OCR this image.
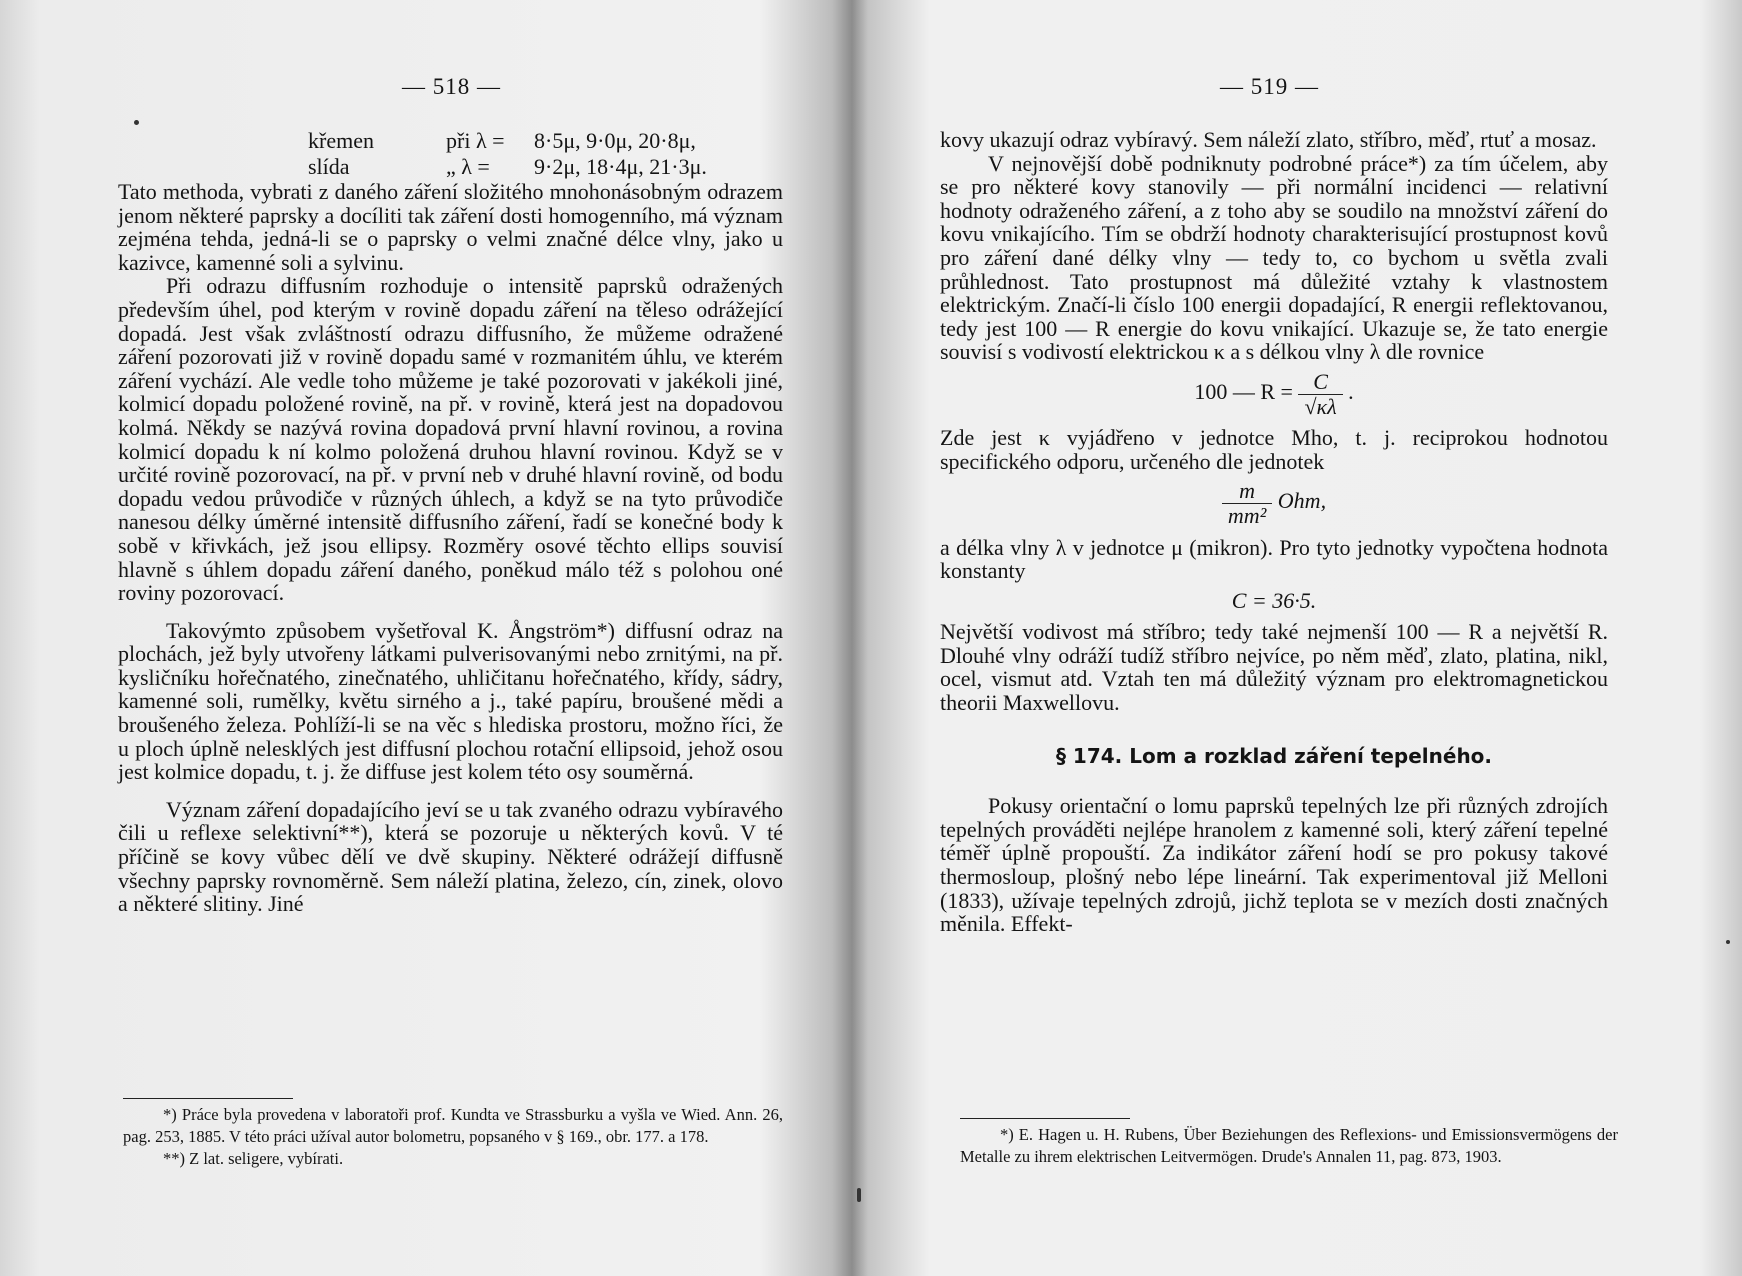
— 518 —
křemen	při λ = 8·5μ, 9·0μ, 20·8μ,
slída	„ λ = 9·2μ, 18·4μ, 21·3μ.

Tato methoda, vybrati z daného záření složitého mnohonásobným odrazem jenom některé paprsky a docíliti tak záření dosti homogenního, má význam zejména tehda, jedná-li se o paprsky o velmi značné délce vlny, jako u kazivce, kamenné soli a sylvinu.

Při odrazu diffusním rozhoduje o intensitě paprsků odražených především úhel, pod kterým v rovině dopadu záření na těleso odrážející dopadá. Jest však zvláštností odrazu diffusního, že můžeme odražené záření pozorovati již v rovině dopadu samé v rozmanitém úhlu, ve kterém záření vychází. Ale vedle toho můžeme je také pozorovati v jakékoli jiné, kolmicí dopadu položené rovině, na př. v rovině, která jest na dopadovou kolmá. Někdy se nazývá rovina dopadová první hlavní rovinou, a rovina kolmicí dopadu k ní kolmo položená druhou hlavní rovinou. Když se v určité rovině pozorovací, na př. v první neb v druhé hlavní rovině, od bodu dopadu vedou průvodiče v různých úhlech, a když se na tyto průvodiče nanesou délky úměrné intensitě diffusního záření, řadí se konečné body k sobě v křivkách, jež jsou ellipsy. Rozměry osové těchto ellips souvisí hlavně s úhlem dopadu záření daného, poněkud málo též s polohou oné roviny pozorovací.

Takovýmto způsobem vyšetřoval K. Ångström*) diffusní odraz na plochách, jež byly utvořeny látkami pulverisovanými nebo zrnitými, na př. kysličníku hořečnatého, zinečnatého, uhličitanu hořečnatého, křídy, sádry, kamenné soli, rumělky, květu sirného a j., také papíru, broušené mědi a broušeného železa. Pohlíží-li se na věc s hlediska prostoru, možno říci, že u ploch úplně nelesklých jest diffusní plochou rotační ellipsoid, jehož osou jest kolmice dopadu, t. j. že diffuse jest kolem této osy souměrná.

Význam záření dopadajícího jeví se u tak zvaného odrazu vybíravého čili u reflexe selektivní**), která se pozoruje u některých kovů. V té příčině se kovy vůbec dělí ve dvě skupiny. Některé odrážejí diffusně všechny paprsky rovnoměrně. Sem náleží platina, železo, cín, zinek, olovo a některé slitiny. Jiné

*) Práce byla provedena v laboratoři prof. Kundta ve Strassburku a vyšla ve Wied. Ann. 26, pag. 253, 1885. V této práci užíval autor bolometru, popsaného v § 169., obr. 177. a 178.

**) Z lat. seligere, vybírati.

— 519 —

kovy ukazují odraz vybíravý. Sem náleží zlato, stříbro, měď, rtuť a mosaz.

V nejnovější době podniknuty podrobné práce*) za tím účelem, aby se pro některé kovy stanovily — při normální incidenci — relativní hodnoty odraženého záření, a z toho aby se soudilo na množství záření do kovu vnikajícího. Tím se obdrží hodnoty charakterisující prostupnost kovů pro záření dané délky vlny — tedy to, co bychom u světla zvali průhlednost. Tato prostupnost má důležité vztahy k vlastnostem elektrickým. Značí-li číslo 100 energii dopadající, R energii reflektovanou, tedy jest 100 — R energie do kovu vnikající. Ukazuje se, že tato energie souvisí s vodivostí elektrickou κ a s délkou vlny λ dle rovnice

100 — $R = \frac{C}{√\kappa\lambda}$ .

Zde jest κ vyjádřeno v jednotce Mho, t. j. reciprokou hodnotou specifického odporu, určeného dle jednotek

$\frac{m}{\text{mm²}}$ Ohm,

a délka vlny λ v jednotce μ (mikron). Pro tyto jednotky vypočtena hodnota konstanty

C = 36·5.

Největší vodivost má stříbro; tedy také nejmenší 100 — R a největší R. Dlouhé vlny odráží tudíž stříbro nejvíce, po něm měď, zlato, platina, nikl, ocel, vismut atd. Vztah ten má důležitý význam pro elektromagnetickou theorii Maxwellovu.

§ 174. Lom a rozklad záření tepelného.

Pokusy orientační o lomu paprsků tepelných lze při různých zdrojích tepelných prováděti nejlépe hranolem z kamenné soli, který záření tepelné téměř úplně propouští. Za indikátor záření hodí se pro pokusy takové thermosloup, plošný nebo lépe lineární. Tak experimentoval již Melloni (1833), užívaje tepelných zdrojů, jichž teplota se v mezích dosti značných měnila. Effekt-

*) E. Hagen u. H. Rubens, Über Beziehungen des Reflexions- und Emissionsvermögens der Metalle zu ihrem elektrischen Leitvermögen. Drude's Annalen 11, pag. 873, 1903.
